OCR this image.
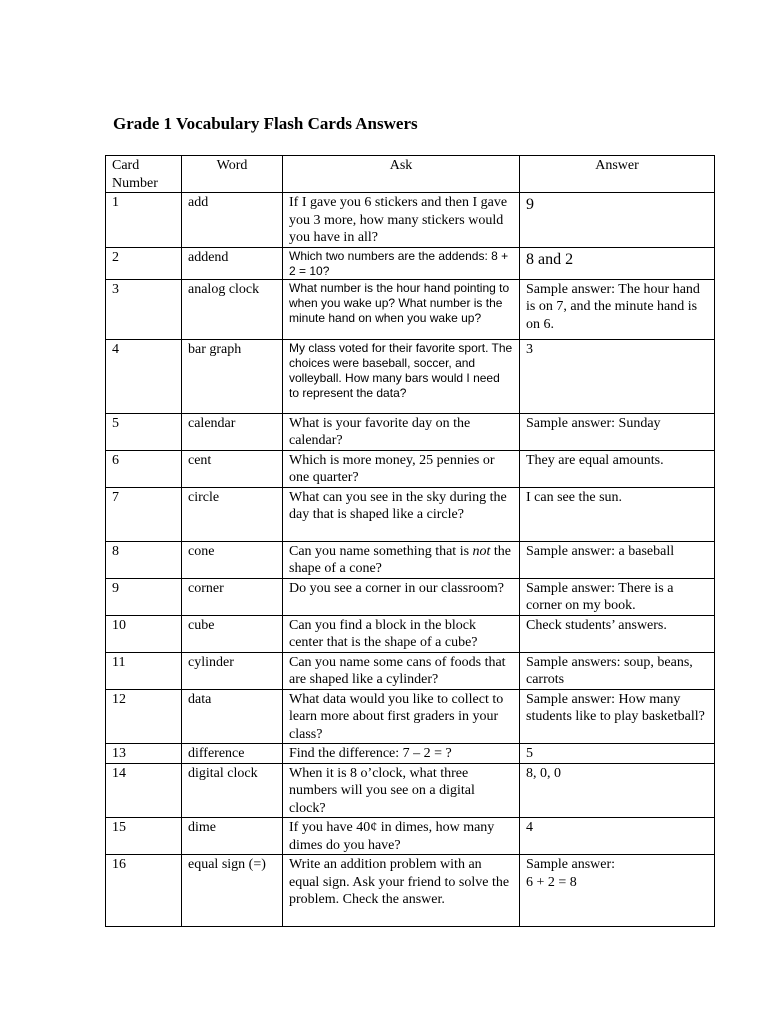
Grade 1 Vocabulary Flash Cards Answers
Card Number	Word	Ask	Answer
1	add	If I gave you 6 stickers and then I gave you 3 more, how many stickers would you have in all?	9
2	addend	Which two numbers are the addends: 8 + 2 = 10?	8 and 2
3	analog clock	What number is the hour hand pointing to when you wake up? What number is the minute hand on when you wake up?	Sample answer: The hour hand is on 7, and the minute hand is on 6.
4	bar graph	My class voted for their favorite sport. The choices were baseball, soccer, and volleyball. How many bars would I need to represent the data?	3
5	calendar	What is your favorite day on the calendar?	Sample answer: Sunday
6	cent	Which is more money, 25 pennies or one quarter?	They are equal amounts.
7	circle	What can you see in the sky during the day that is shaped like a circle?	I can see the sun.
8	cone	Can you name something that is not the shape of a cone?	Sample answer: a baseball
9	corner	Do you see a corner in our classroom?	Sample answer: There is a corner on my book.
10	cube	Can you find a block in the block center that is the shape of a cube?	Check students’ answers.
11	cylinder	Can you name some cans of foods that are shaped like a cylinder?	Sample answers: soup, beans, carrots
12	data	What data would you like to collect to learn more about first graders in your class?	Sample answer: How many students like to play basketball?
13	difference	Find the difference: 7 – 2 = ?	5
14	digital clock	When it is 8 o’clock, what three numbers will you see on a digital clock?	8, 0, 0
15	dime	If you have 40¢ in dimes, how many dimes do you have?	4
16	equal sign (=)	Write an addition problem with an equal sign. Ask your friend to solve the problem. Check the answer.	Sample answer:
6 + 2 = 8
